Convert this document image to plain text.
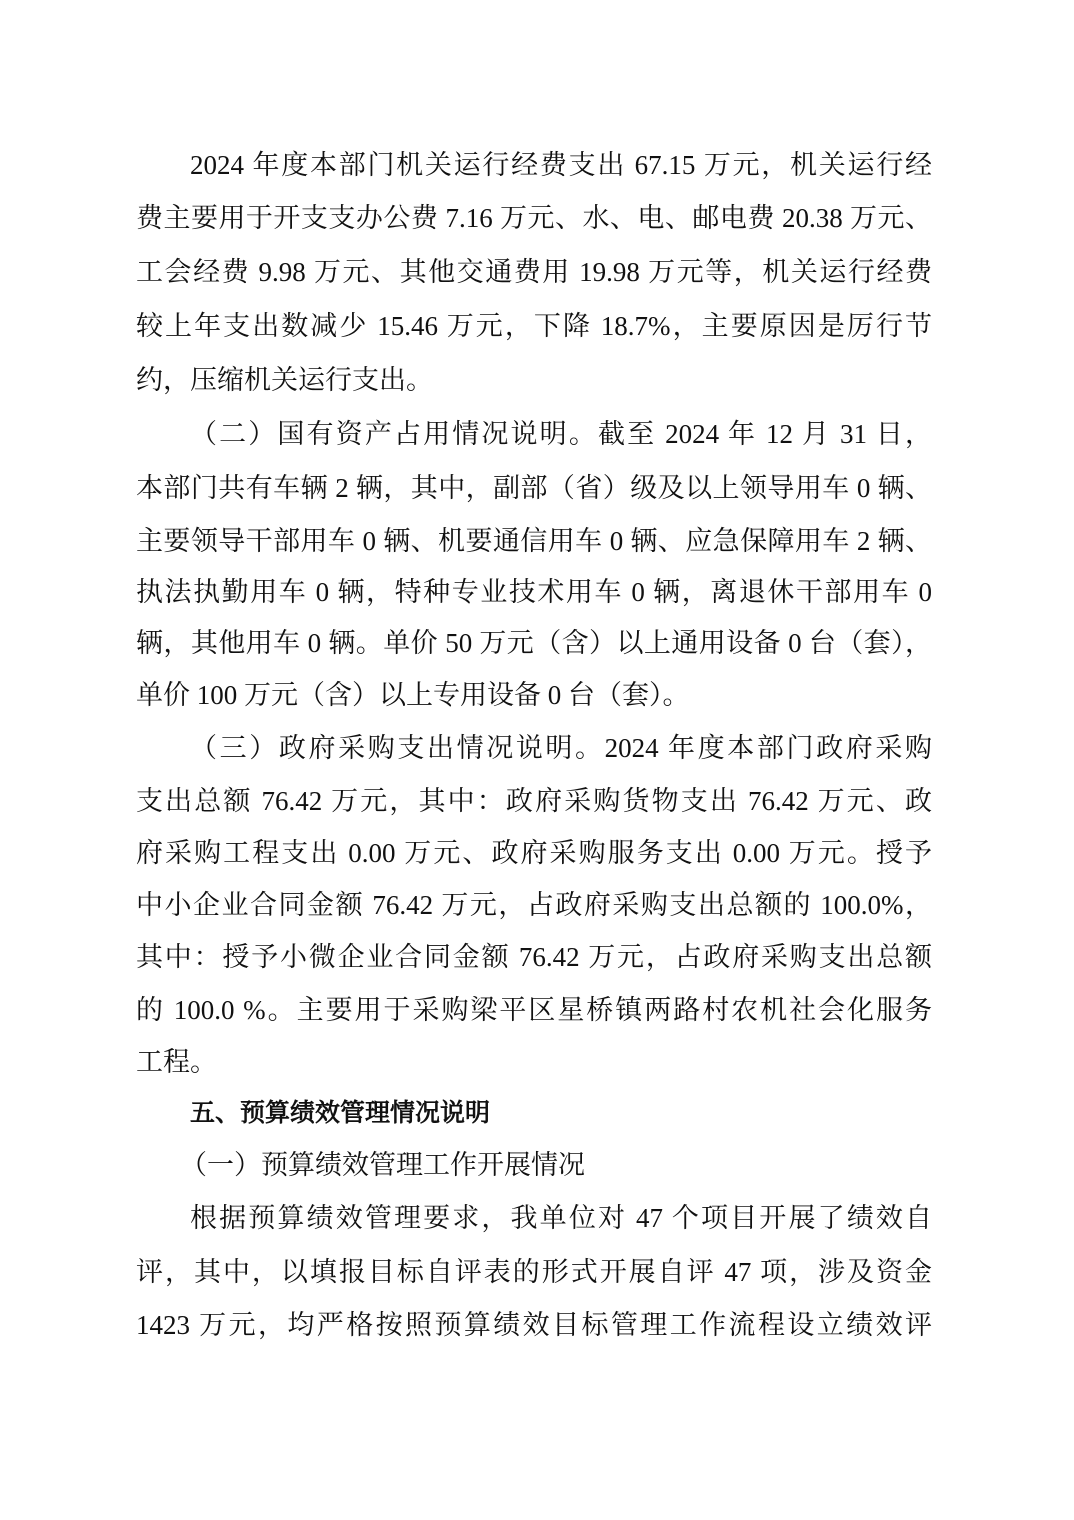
2024 年度本部门机关运行经费支出 67.15 万元，机关运行经
费主要用于开支支办公费 7.16 万元、水、电、邮电费 20.38 万元、
工会经费 9.98 万元、其他交通费用 19.98 万元等，机关运行经费
较上年支出数减少 15.46 万元，下降 18.7%，主要原因是厉行节
约，压缩机关运行支出。
（二）国有资产占用情况说明。截至 2024 年 12 月 31 日，
本部门共有车辆 2 辆，其中，副部（省）级及以上领导用车 0 辆、
主要领导干部用车 0 辆、机要通信用车 0 辆、应急保障用车 2 辆、
执法执勤用车 0 辆，特种专业技术用车 0 辆，离退休干部用车 0
辆，其他用车 0 辆。单价 50 万元（含）以上通用设备 0 台（套），
单价 100 万元（含）以上专用设备 0 台（套）。
（三）政府采购支出情况说明。2024 年度本部门政府采购
支出总额 76.42 万元，其中：政府采购货物支出 76.42 万元、政
府采购工程支出 0.00 万元、政府采购服务支出 0.00 万元。授予
中小企业合同金额 76.42 万元，占政府采购支出总额的 100.0%，
其中：授予小微企业合同金额 76.42 万元，占政府采购支出总额
的 100.0 %。主要用于采购梁平区星桥镇两路村农机社会化服务
工程。
五、预算绩效管理情况说明
（一）预算绩效管理工作开展情况
根据预算绩效管理要求，我单位对 47 个项目开展了绩效自
评，其中，以填报目标自评表的形式开展自评 47 项，涉及资金
1423 万元，均严格按照预算绩效目标管理工作流程设立绩效评
